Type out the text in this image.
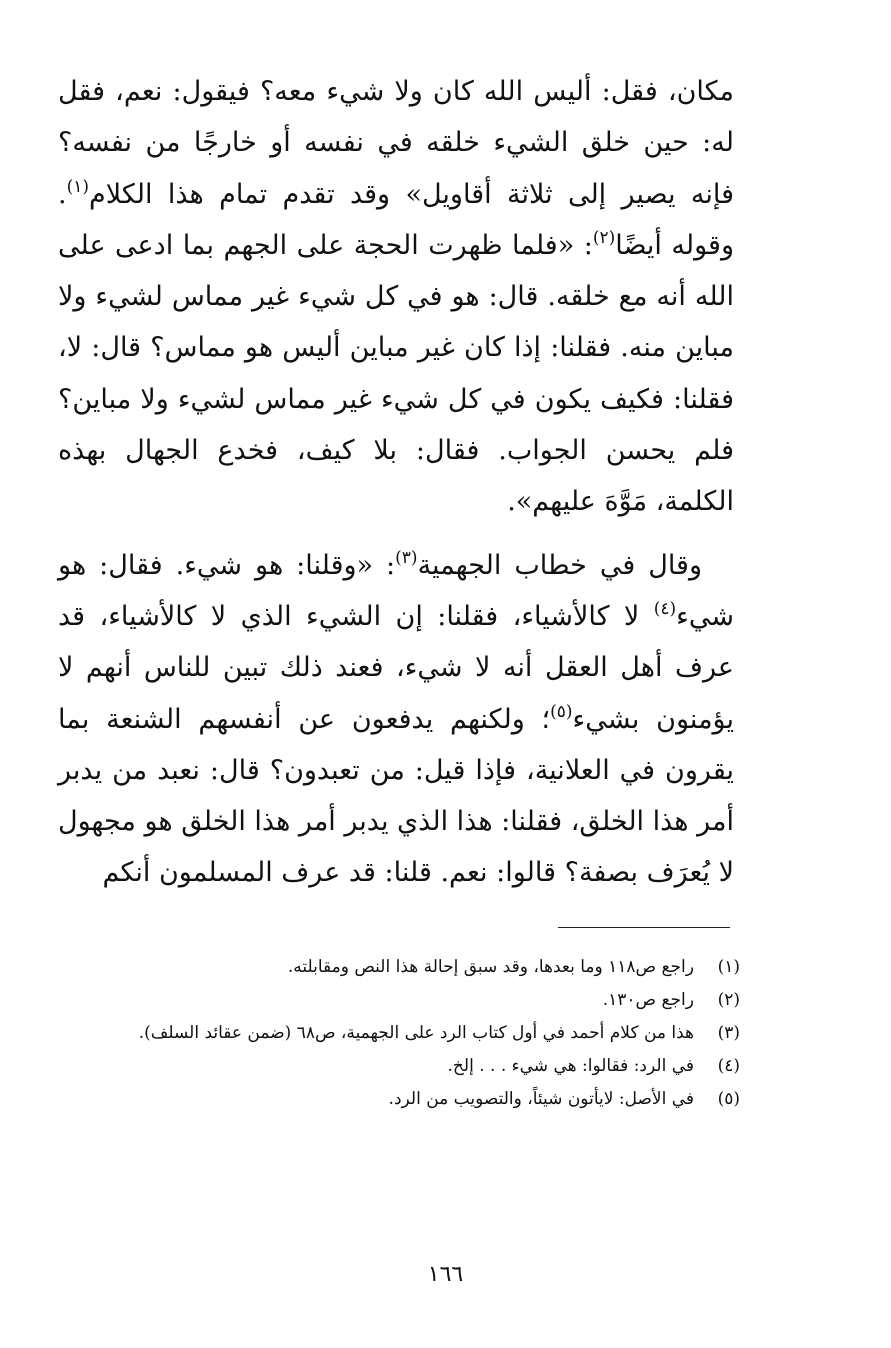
مكان، فقل: أليس الله كان ولا شيء معه؟ فيقول: نعم، فقل له: حين خلق الشيء خلقه في نفسه أو خارجًا من نفسه؟ فإنه يصير إلى ثلاثة أقاويل» وقد تقدم تمام هذا الكلام$^{(١)}$. وقوله أيضًا$^{(٢)}$: «فلما ظهرت الحجة على الجهم بما ادعى على الله أنه مع خلقه. قال: هو في كل شيء غير مماس لشيء ولا مباين منه. فقلنا: إذا كان غير مباين أليس هو مماس؟ قال: لا، فقلنا: فكيف يكون في كل شيء غير مماس لشيء ولا مباين؟ فلم يحسن الجواب. فقال: بلا كيف، فخدع الجهال بهذه الكلمة، مَوَّهَ عليهم».

وقال في خطاب الجهمية$^{(٣)}$: «وقلنا: هو شيء. فقال: هو شيء$^{(٤)}$ لا كالأشياء، فقلنا: إن الشيء الذي لا كالأشياء، قد عرف أهل العقل أنه لا شيء، فعند ذلك تبين للناس أنهم لا يؤمنون بشيء$^{(٥)}$؛ ولكنهم يدفعون عن أنفسهم الشنعة بما يقرون في العلانية، فإذا قيل: من تعبدون؟ قال: نعبد من يدبر أمر هذا الخلق، فقلنا: هذا الذي يدبر أمر هذا الخلق هو مجهول لا يُعرَف بصفة؟ قالوا: نعم. قلنا: قد عرف المسلمون أنكم

(١)
راجع ص١١٨ وما بعدها، وقد سبق إحالة هذا النص ومقابلته.
(٢)
راجع ص١٣٠.
(٣)
هذا من كلام أحمد في أول كتاب الرد على الجهمية، ص٦٨ (ضمن عقائد السلف).
(٤)
في الرد: فقالوا: هي شيء . . . إلخ.
(٥)
في الأصل: لايأتون شيئاً، والتصويب من الرد.
١٦٦
